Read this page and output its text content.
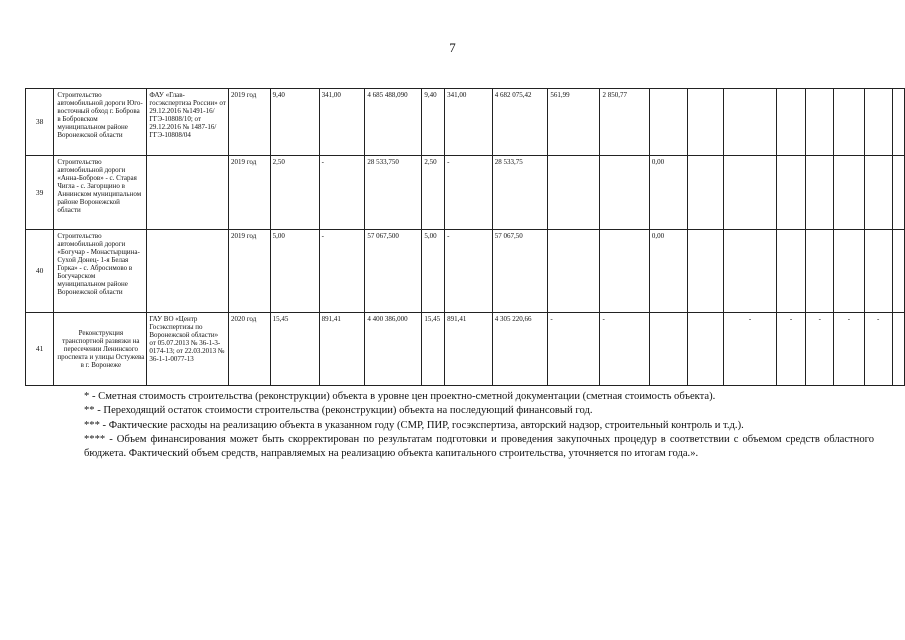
7
38	Строительство автомобильной дороги Юго-восточный обход г. Боброва в Бобровском муниципальном районе Воронежской области	ФАУ «Глав-госэкспертиза России» от 29.12.2016 №1491-16/ГГЭ-10808/10; от 29.12.2016 № 1487-16/ГГЭ-10808/04	2019 год	9,40	341,00	4 685 488,090	9,40	341,00	4 682 075,42	561,99	2 850,77								
39	Строительство автомобильной дороги «Анна-Бобров» - с. Старая Чигла - с. Загорщино в Аннинском муниципальном районе Воронежской области		2019 год	2,50	-	28 533,750	2,50	-	28 533,75			0,00							
40	Строительство автомобильной дороги «Богучар - Монастырщина-Сухой Донец- 1-я Белая Горка» - с. Абросимово в Богучарском муниципальном районе Воронежской области		2019 год	5,00	-	57 067,500	5,00	-	57 067,50			0,00							
41	Реконструкция транспортной развязки на пересечении Ленинского проспекта и улицы Остужева в г. Воронеже	ГАУ ВО «Центр Госэкспертизы по Воронежской области» от 05.07.2013 № 36-1-3-0174-13; от 22.03.2013 № 36-1-1-0077-13	2020 год	15,45	891,41	4 400 386,000	15,45	891,41	4 305 220,66	-	-			-	-	-	-	-	

* - Сметная стоимость строительства (реконструкции) объекта в уровне цен проектно-сметной документации (сметная стоимость объекта).

** - Переходящий остаток стоимости строительства (реконструкции) объекта на последующий финансовый год.

*** - Фактические расходы на реализацию объекта в указанном году (СМР, ПИР, госэкспертиза, авторский надзор, строительный контроль и т.д.).

**** - Объем финансирования может быть скорректирован по результатам подготовки и проведения закупочных процедур в соответствии с объемом средств областного бюджета. Фактический объем средств, направляемых на реализацию объекта капитального строительства, уточняется по итогам года.».
